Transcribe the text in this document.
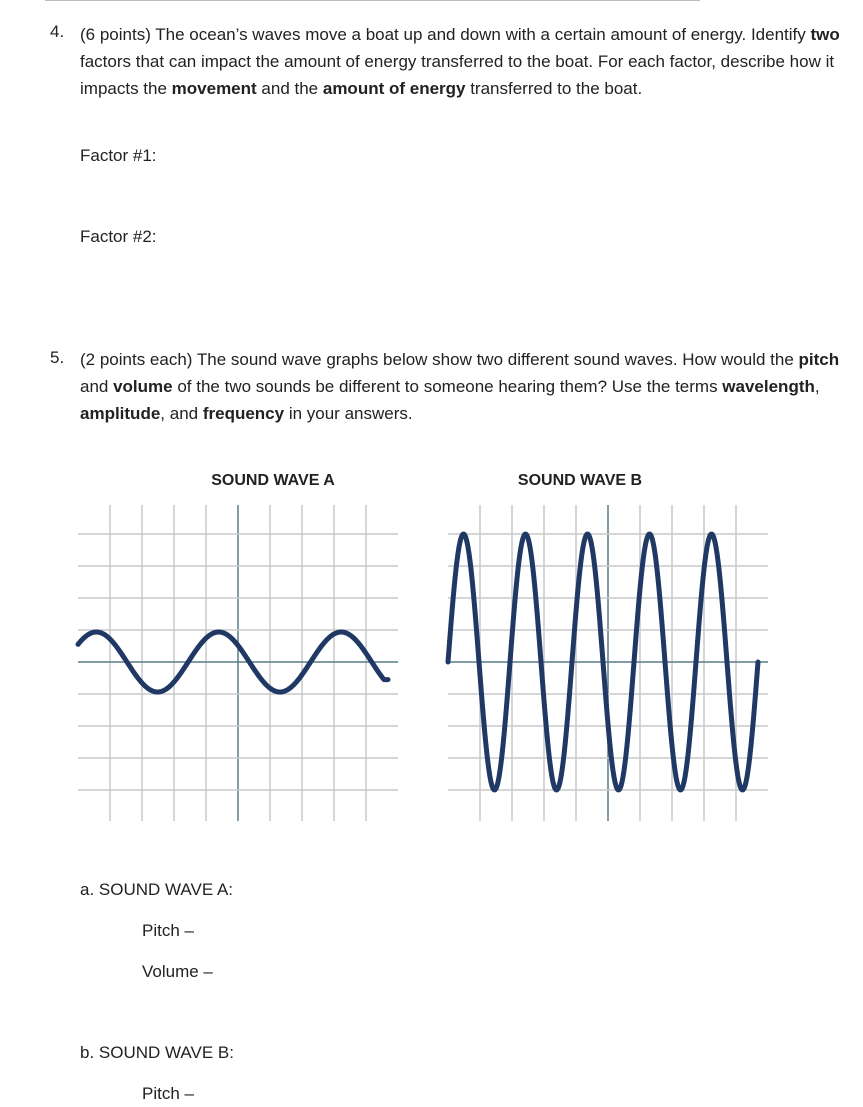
4. (6 points) The ocean’s waves move a boat up and down with a certain amount of energy. Identify two factors that can impact the amount of energy transferred to the boat. For each factor, describe how it impacts the movement and the amount of energy transferred to the boat.

Factor #1:
Factor #2:
5. (2 points each) The sound wave graphs below show two different sound waves. How would the pitch and volume of the two sounds be different to someone hearing them? Use the terms wavelength, amplitude, and frequency in your answers.

SOUND WAVE A	SOUND WAVE B
a. SOUND WAVE A:
Pitch –
Volume –
b. SOUND WAVE B:
Pitch –
